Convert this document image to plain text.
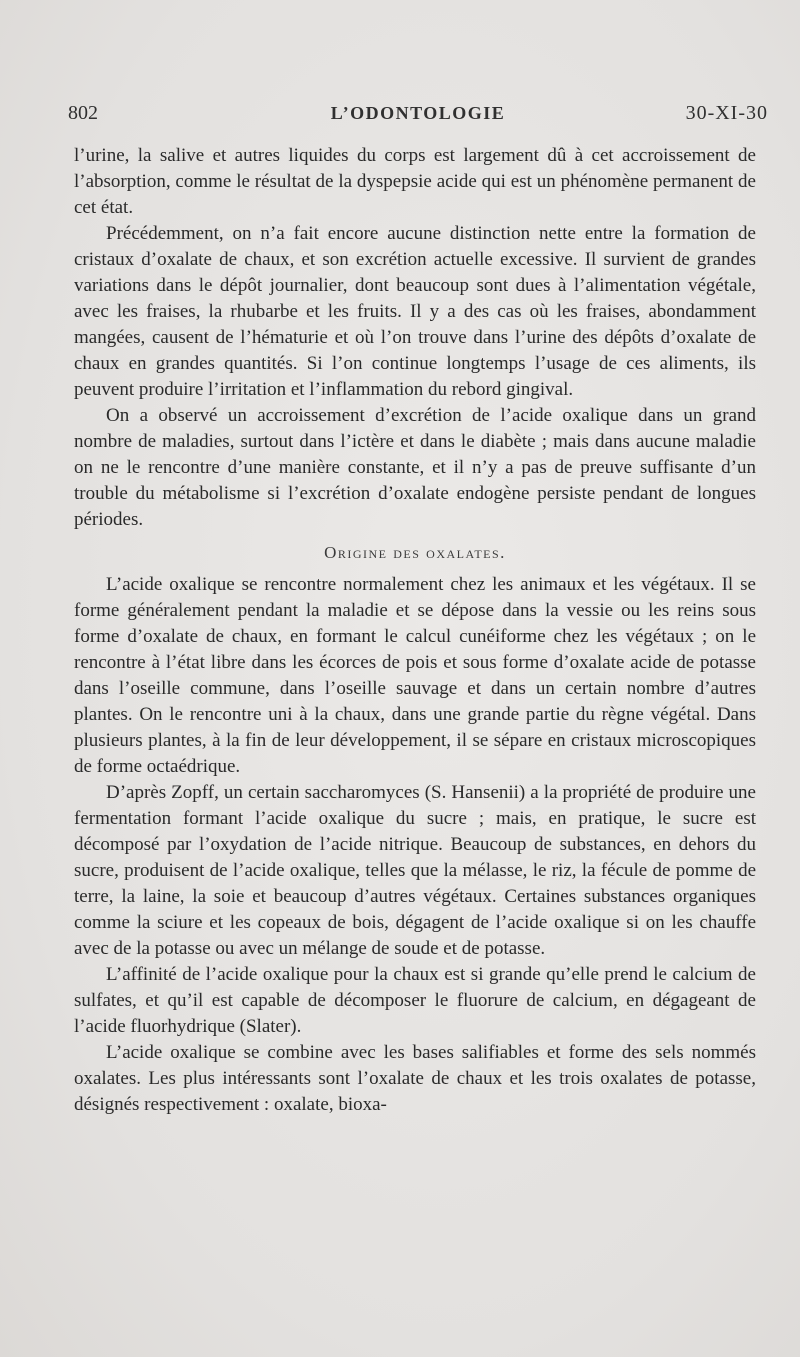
802	L’ODONTOLOGIE	30-XI-30

l’urine, la salive et autres liquides du corps est largement dû à cet accroissement de l’absorption, comme le résultat de la dyspepsie acide qui est un phénomène permanent de cet état.

Précédemment, on n’a fait encore aucune distinction nette entre la formation de cristaux d’oxalate de chaux, et son excrétion actuelle excessive. Il survient de grandes variations dans le dépôt journalier, dont beaucoup sont dues à l’alimentation végétale, avec les fraises, la rhubarbe et les fruits. Il y a des cas où les fraises, abondamment mangées, causent de l’hématurie et où l’on trouve dans l’urine des dépôts d’oxalate de chaux en grandes quantités. Si l’on continue longtemps l’usage de ces aliments, ils peuvent produire l’irritation et l’inflammation du rebord gingival.

On a observé un accroissement d’excrétion de l’acide oxalique dans un grand nombre de maladies, surtout dans l’ictère et dans le diabète ; mais dans aucune maladie on ne le rencontre d’une manière constante, et il n’y a pas de preuve suffisante d’un trouble du métabolisme si l’excrétion d’oxalate endogène persiste pendant de longues périodes.

Origine des oxalates.

L’acide oxalique se rencontre normalement chez les animaux et les végétaux. Il se forme généralement pendant la maladie et se dépose dans la vessie ou les reins sous forme d’oxalate de chaux, en formant le calcul cunéiforme chez les végétaux ; on le rencontre à l’état libre dans les écorces de pois et sous forme d’oxalate acide de potasse dans l’oseille commune, dans l’oseille sauvage et dans un certain nombre d’autres plantes. On le rencontre uni à la chaux, dans une grande partie du règne végétal. Dans plusieurs plantes, à la fin de leur développement, il se sépare en cristaux microscopiques de forme octaédrique.

D’après Zopff, un certain saccharomyces (S. Hansenii) a la propriété de produire une fermentation formant l’acide oxalique du sucre ; mais, en pratique, le sucre est décomposé par l’oxydation de l’acide nitrique. Beaucoup de substances, en dehors du sucre, produisent de l’acide oxalique, telles que la mélasse, le riz, la fécule de pomme de terre, la laine, la soie et beaucoup d’autres végétaux. Certaines substances organiques comme la sciure et les copeaux de bois, dégagent de l’acide oxalique si on les chauffe avec de la potasse ou avec un mélange de soude et de potasse.

L’affinité de l’acide oxalique pour la chaux est si grande qu’elle prend le calcium de sulfates, et qu’il est capable de décomposer le fluorure de calcium, en dégageant de l’acide fluorhydrique (Slater).

L’acide oxalique se combine avec les bases salifiables et forme des sels nommés oxalates. Les plus intéressants sont l’oxalate de chaux et les trois oxalates de potasse, désignés respectivement : oxalate, bioxa-
